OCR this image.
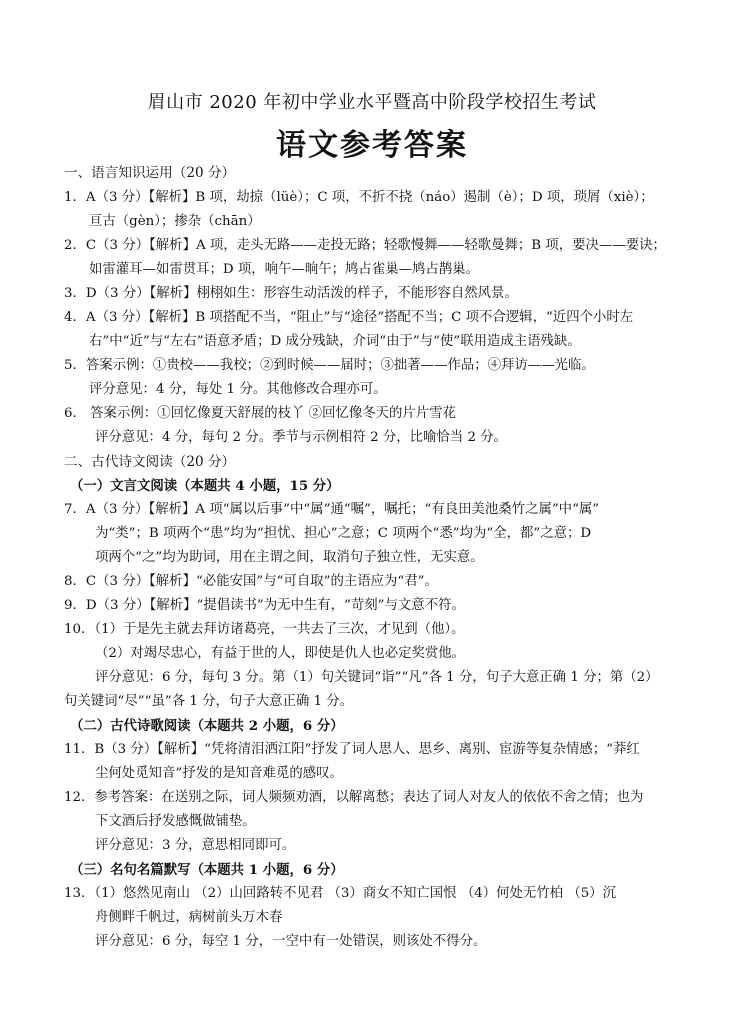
眉山市 2020 年初中学业水平暨高中阶段学校招生考试
语文参考答案
一、语言知识运用（20 分）
1．A（3 分）【解析】B 项，劫掠（lüè）；C 项，不折不挠（náo）遏制（è）；D 项，琐屑（xiè）；
亘古（gèn）；掺杂（chān）
2．C（3 分）【解析】A 项，走头无路——走投无路；轻歌慢舞——轻歌曼舞；B 项，要决——要诀；
如雷灌耳—如雷贯耳；D 项，响午—晌午；鸠占雀巢—鸠占鹊巢。
3．D（3 分）【解析】栩栩如生：形容生动活泼的样子，不能形容自然风景。
4．A（3 分）【解析】B 项搭配不当，“阻止”与“途径”搭配不当；C 项不合逻辑，“近四个小时左
右”中“近”与“左右”语意矛盾；D 成分残缺，介词“由于”与“使”联用造成主语残缺。
5．答案示例：①贵校——我校；②到时候——届时；③拙著——作品；④拜访——光临。
评分意见：4 分，每处 1 分。其他修改合理亦可。
6． 答案示例：①回忆像夏天舒展的枝丫 ②回忆像冬天的片片雪花
评分意见：4 分，每句 2 分。季节与示例相符 2 分，比喻恰当 2 分。
二、古代诗文阅读（20 分）
（一）文言文阅读（本题共 4 小题，15 分）
7．A（3 分）【解析】A 项“属以后事”中“属”通“嘱”，嘱托；“有良田美池桑竹之属”中“属”
为“类”；B 项两个“患”均为“担忧、担心”之意；C 项两个“悉”均为“全，都”之意；D
项两个“之”均为助词，用在主谓之间，取消句子独立性，无实意。
8．C（3 分）【解析】“必能安国”与“可自取”的主语应为“君”。
9．D（3 分）【解析】“提倡读书”为无中生有，“苛刻”与文意不符。
10．（1）于是先主就去拜访诸葛亮，一共去了三次，才见到（他）。
（2）对竭尽忠心，有益于世的人，即使是仇人也必定奖赏他。
评分意见：6 分，每句 3 分。第（1）句关键词“诣”“凡”各 1 分，句子大意正确 1 分；第（2）
句关键词“尽”“虽”各 1 分，句子大意正确 1 分。
（二）古代诗歌阅读（本题共 2 小题，6 分）
11．B（3 分）【解析】“凭将清泪洒江阳”抒发了词人思人、思乡、离别、宦游等复杂情感；“莽红
尘何处觅知音”抒发的是知音难觅的感叹。
12．参考答案：在送别之际，词人频频劝酒，以解离愁；表达了词人对友人的依依不舍之情；也为
下文酒后抒发感慨做铺垫。
评分意见：3 分，意思相同即可。
（三）名句名篇默写（本题共 1 小题，6 分）
13．（1）悠然见南山 （2）山回路转不见君 （3）商女不知亡国恨 （4）何处无竹柏 （5）沉
舟侧畔千帆过，病树前头万木春
评分意见：6 分，每空 1 分，一空中有一处错误，则该处不得分。
